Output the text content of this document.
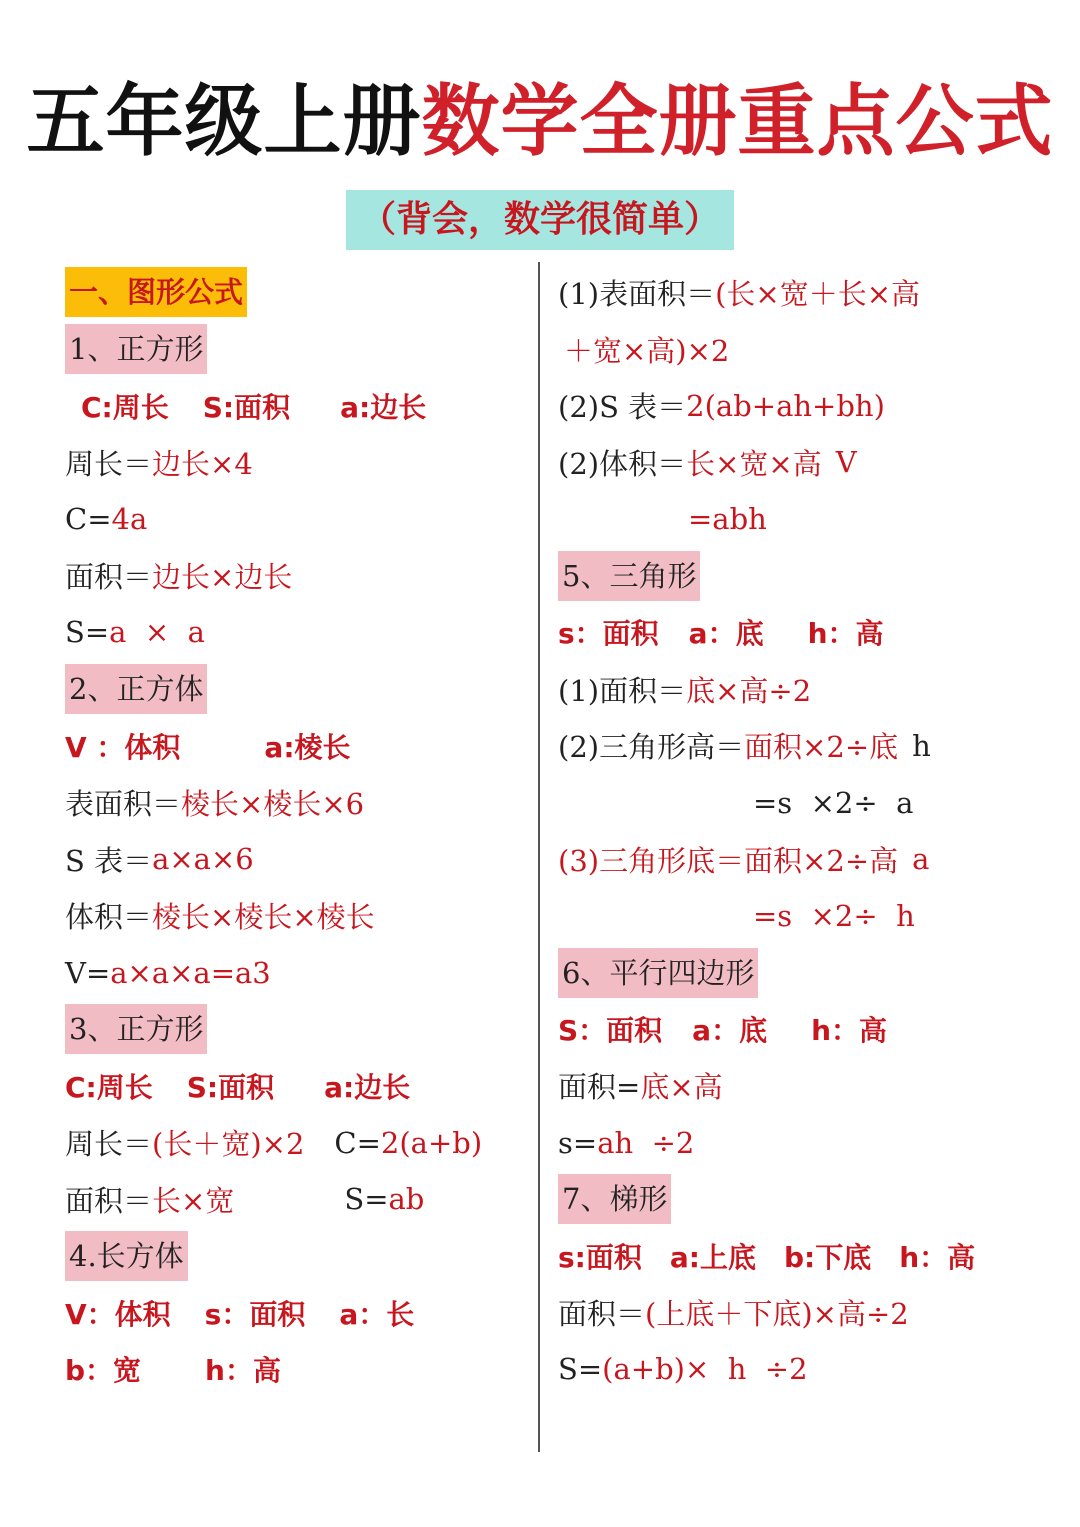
五年级上册数学全册重点公式
（背会，数学很简单）
一、图形公式
1、正方形
C:周长 S:面积 a:边长
周长＝ 边长×4
C= 4a
面积＝ 边长×边长
S= a  ×  a
2、正方体
V ：体积	a:棱长
表面积＝ 棱长×棱长×6
S 表＝ a×a×6
体积＝ 棱长×棱长×棱长
V= a×a×a=a3
3、正方形
C:周长 S:面积 a:边长
周长＝ (长＋宽)×2 C= 2(a+b)
面积＝ 长×宽	S= ab
4.长方体
V：体积 s：面积 a：长
b：宽 h：高
(1)表面积＝ (长×宽＋长×高
＋宽×高)×2
(2)S 表＝ 2(ab+ah+bh)
(2)体积＝ 长×宽×高 V
=abh
5、三角形
s：面积 a：底 h：高
(1)面积＝ 底×高÷2
(2)三角形高＝ 面积×2÷底 h
=s  ×2÷  a
(3)三角形底＝ 面积×2÷高 a
=s  ×2÷  h
6、平行四边形
S：面积 a：底 h：高
面积= 底×高
s= ah  ÷2
7、梯形
s:面积 a:上底 b:下底 h：高
面积＝ (上底＋下底)×高÷2
S= (a+b)×  h  ÷2
